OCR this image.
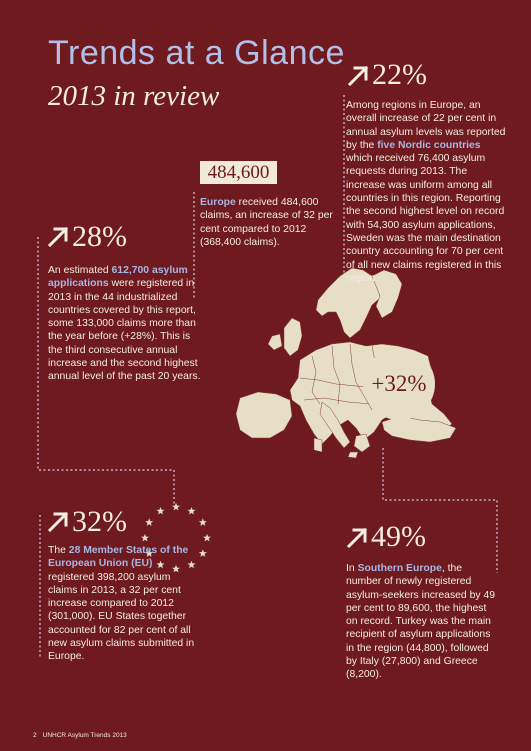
Trends at a Glance
2013 in review
22%

Among regions in Europe, an overall increase of 22 per cent in annual asylum levels was reported by the five Nordic countries which received 76,400 asylum requests during 2013. The increase was uniform among all countries in this region. Reporting the second highest level on record with 54,300 asylum applications, Sweden was the main destination country accounting for 70 per cent of all new claims registered in this region.

484,600

Europe received 484,600 claims, an increase of 32 per cent compared to 2012 (368,400 claims).

28%

An estimated 612,700 asylum applications were registered in 2013 in the 44 industrialized countries covered by this report, some 133,000 claims more than the year before (+28%). This is the third consecutive annual increase and the second highest annual level of the past 20 years.	+32%
32%

The 28 Member States of the European Union (EU) registered 398,200 asylum claims in 2013, a 32 per cent increase compared to 2012 (301,000). EU States together accounted for 82 per cent of all new asylum claims submitted in Europe.

49%

In Southern Europe, the number of newly registered asylum-seekers increased by 49 per cent to 89,600, the highest on record. Turkey was the main recipient of asylum applications in the region (44,800), followed by Italy (27,800) and Greece (8,200).

2 UNHCR Asylum Trends 2013
